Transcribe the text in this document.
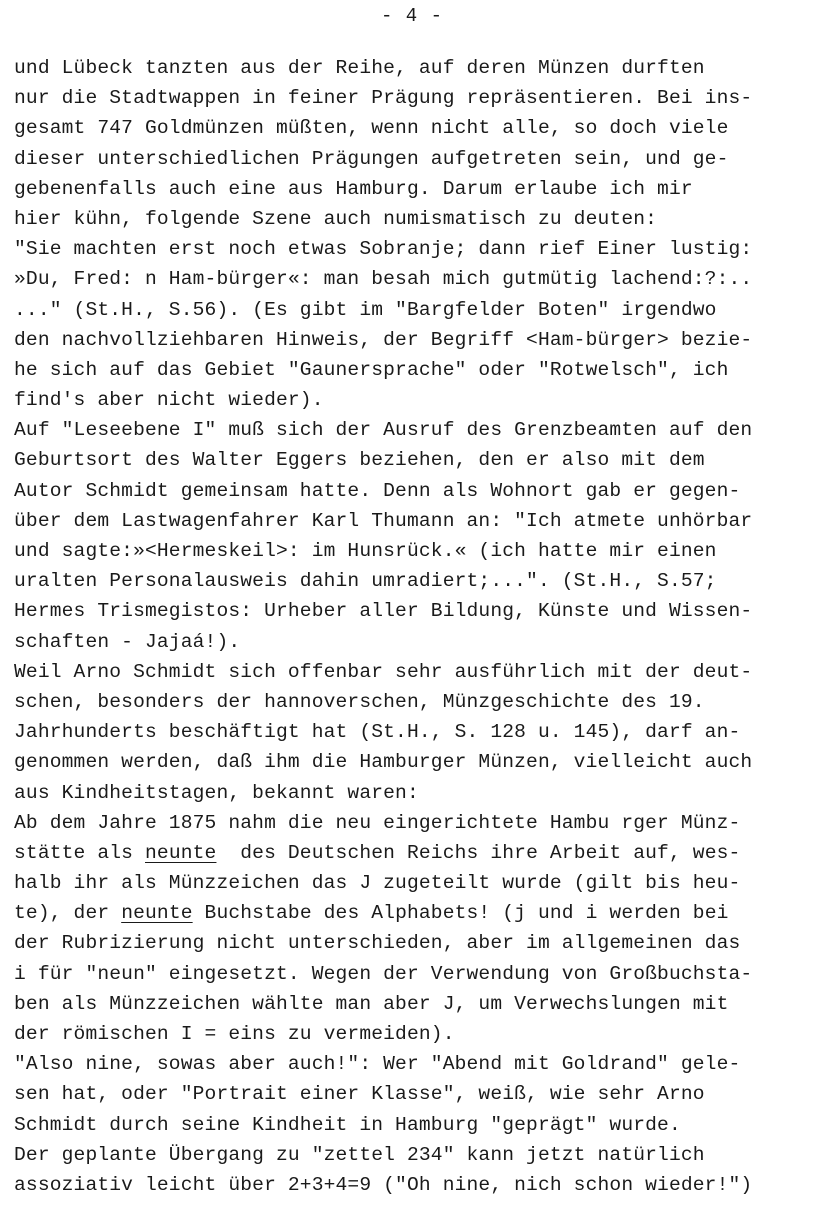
- 4 -
und Lübeck tanzten aus der Reihe, auf deren Münzen durften
nur die Stadtwappen in feiner Prägung repräsentieren. Bei ins-
gesamt 747 Goldmünzen müßten, wenn nicht alle, so doch viele
dieser unterschiedlichen Prägungen aufgetreten sein, und ge-
gebenenfalls auch eine aus Hamburg. Darum erlaube ich mir
hier kühn, folgende Szene auch numismatisch zu deuten:
"Sie machten erst noch etwas Sobranje; dann rief Einer lustig:
»Du, Fred: n Ham-bürger«: man besah mich gutmütig lachend:?:..
..." (St.H., S.56). (Es gibt im "Bargfelder Boten" irgendwo
den nachvollziehbaren Hinweis, der Begriff <Ham-bürger> bezie-
he sich auf das Gebiet "Gaunersprache" oder "Rotwelsch", ich
find's aber nicht wieder).
Auf "Leseebene I" muß sich der Ausruf des Grenzbeamten auf den
Geburtsort des Walter Eggers beziehen, den er also mit dem
Autor Schmidt gemeinsam hatte. Denn als Wohnort gab er gegen-
über dem Lastwagenfahrer Karl Thumann an: "Ich atmete unhörbar
und sagte:»<Hermeskeil>: im Hunsrück.« (ich hatte mir einen
uralten Personalausweis dahin umradiert;...". (St.H., S.57;
Hermes Trismegistos: Urheber aller Bildung, Künste und Wissen-
schaften - Jajaá!).
Weil Arno Schmidt sich offenbar sehr ausführlich mit der deut-
schen, besonders der hannoverschen, Münzgeschichte des 19.
Jahrhunderts beschäftigt hat (St.H., S. 128 u. 145), darf an-
genommen werden, daß ihm die Hamburger Münzen, vielleicht auch
aus Kindheitstagen, bekannt waren:
Ab dem Jahre 1875 nahm die neu eingerichtete Hambu rger Münz-
stätte als neunte  des Deutschen Reichs ihre Arbeit auf, wes-
halb ihr als Münzzeichen das J zugeteilt wurde (gilt bis heu-
te), der neunte Buchstabe des Alphabets! (j und i werden bei
der Rubrizierung nicht unterschieden, aber im allgemeinen das
i für "neun" eingesetzt. Wegen der Verwendung von Großbuchsta-
ben als Münzzeichen wählte man aber J, um Verwechslungen mit
der römischen I = eins zu vermeiden).
"Also nine, sowas aber auch!": Wer "Abend mit Goldrand" gele-
sen hat, oder "Portrait einer Klasse", weiß, wie sehr Arno
Schmidt durch seine Kindheit in Hamburg "geprägt" wurde.
Der geplante Übergang zu "zettel 234" kann jetzt natürlich
assoziativ leicht über 2+3+4=9 ("Oh nine, nich schon wieder!")
